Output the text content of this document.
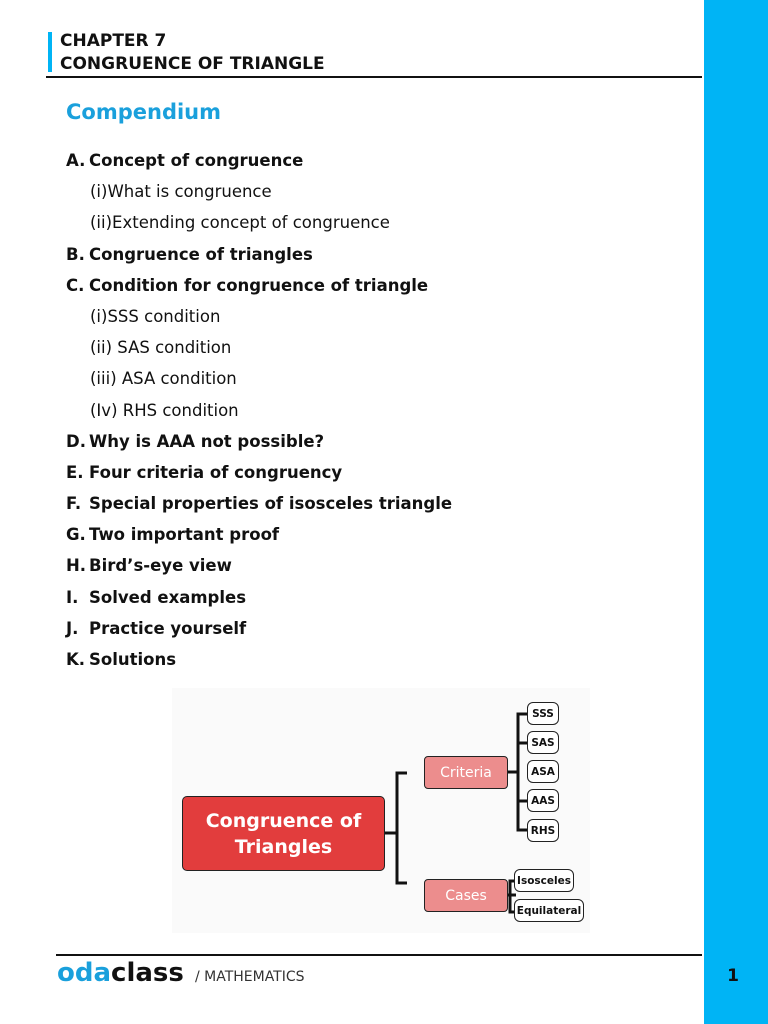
CHAPTER 7
CONGRUENCE OF TRIANGLE
Compendium
A. Concept of congruence
(i)What is congruence
(ii)Extending concept of congruence
B. Congruence of triangles
C. Condition for congruence of triangle
(i)SSS condition
(ii) SAS condition
(iii) ASA condition
(Iv) RHS condition
D. Why is AAA not possible?
E. Four criteria of congruency
F. Special properties of isosceles triangle
G. Two important proof
H. Bird’s-eye view
I. Solved examples
J. Practice yourself
K. Solutions
Congruence of Triangles
Criteria
Cases
SSS
SAS
ASA
AAS
RHS
Isosceles
Equilateral
odaclass / MATHEMATICS	1
